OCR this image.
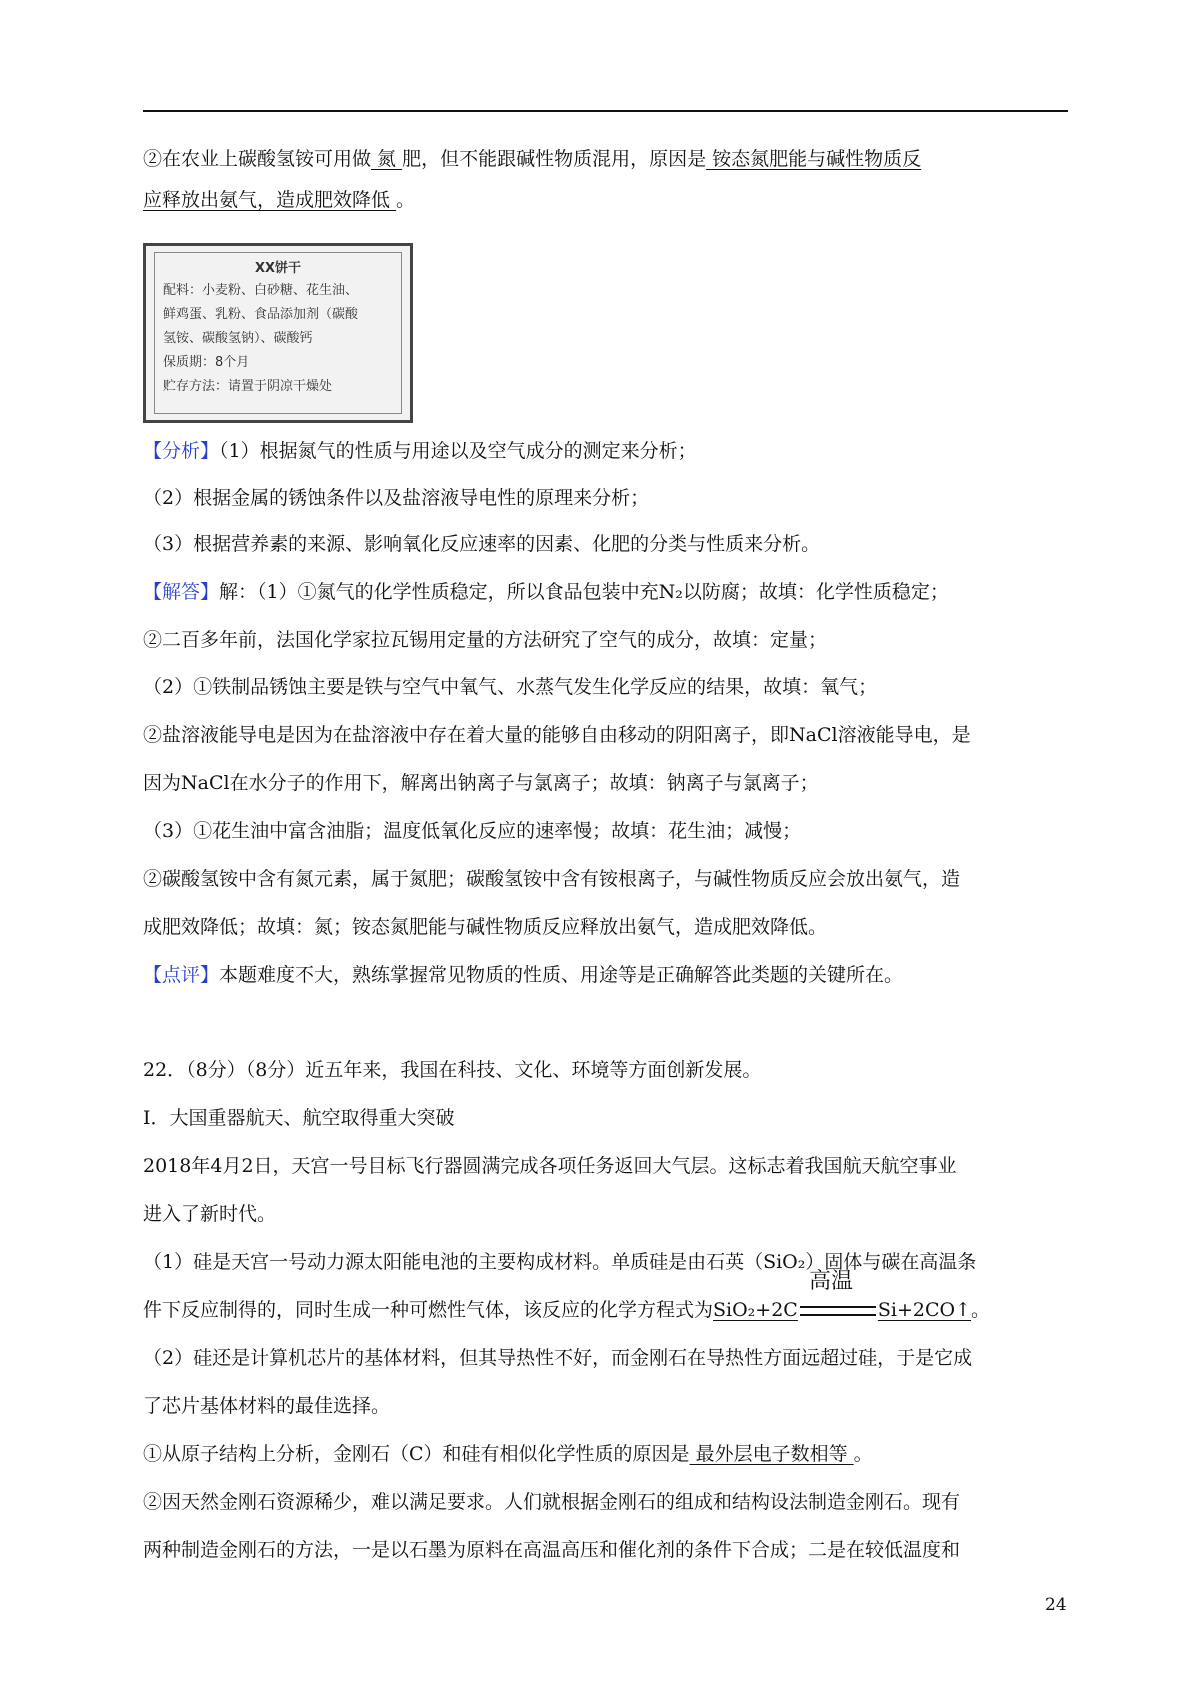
②在农业上碳酸氢铵可用做 氮 肥，但不能跟碱性物质混用，原因是 铵态氮肥能与碱性物质反
应释放出氨气，造成肥效降低 。
XX饼干
配料：小麦粉、白砂糖、花生油、
鲜鸡蛋、乳粉、食品添加剂（碳酸
氢铵、碳酸氢钠）、碳酸钙
保质期：8个月
贮存方法：请置于阴凉干燥处
【分析】（1）根据氮气的性质与用途以及空气成分的测定来分析；
（2）根据金属的锈蚀条件以及盐溶液导电性的原理来分析；
（3）根据营养素的来源、影响氧化反应速率的因素、化肥的分类与性质来分析。
【解答】解：（1）①氮气的化学性质稳定，所以食品包装中充N₂以防腐；故填：化学性质稳定；
②二百多年前，法国化学家拉瓦锡用定量的方法研究了空气的成分，故填：定量；
（2）①铁制品锈蚀主要是铁与空气中氧气、水蒸气发生化学反应的结果，故填：氧气；
②盐溶液能导电是因为在盐溶液中存在着大量的能够自由移动的阴阳离子，即NaCl溶液能导电，是
因为NaCl在水分子的作用下，解离出钠离子与氯离子；故填：钠离子与氯离子；
（3）①花生油中富含油脂；温度低氧化反应的速率慢；故填：花生油；减慢；
②碳酸氢铵中含有氮元素，属于氮肥；碳酸氢铵中含有铵根离子，与碱性物质反应会放出氨气，造
成肥效降低；故填：氮；铵态氮肥能与碱性物质反应释放出氨气，造成肥效降低。
【点评】本题难度不大，熟练掌握常见物质的性质、用途等是正确解答此类题的关键所在。
22．（8分）（8分）近五年来，我国在科技、文化、环境等方面创新发展。
I．大国重器航天、航空取得重大突破
2018年4月2日，天宫一号目标飞行器圆满完成各项任务返回大气层。这标志着我国航天航空事业
进入了新时代。
（1）硅是天宫一号动力源太阳能电池的主要构成材料。单质硅是由石英（SiO₂）固体与碳在高温条
件下反应制得的，同时生成一种可燃性气体，该反应的化学方程式为SiO₂+2C
高温
Si+2CO↑。
（2）硅还是计算机芯片的基体材料，但其导热性不好，而金刚石在导热性方面远超过硅，于是它成
了芯片基体材料的最佳选择。
①从原子结构上分析，金刚石（C）和硅有相似化学性质的原因是 最外层电子数相等 。
②因天然金刚石资源稀少，难以满足要求。人们就根据金刚石的组成和结构设法制造金刚石。现有
两种制造金刚石的方法，一是以石墨为原料在高温高压和催化剂的条件下合成；二是在较低温度和
24
